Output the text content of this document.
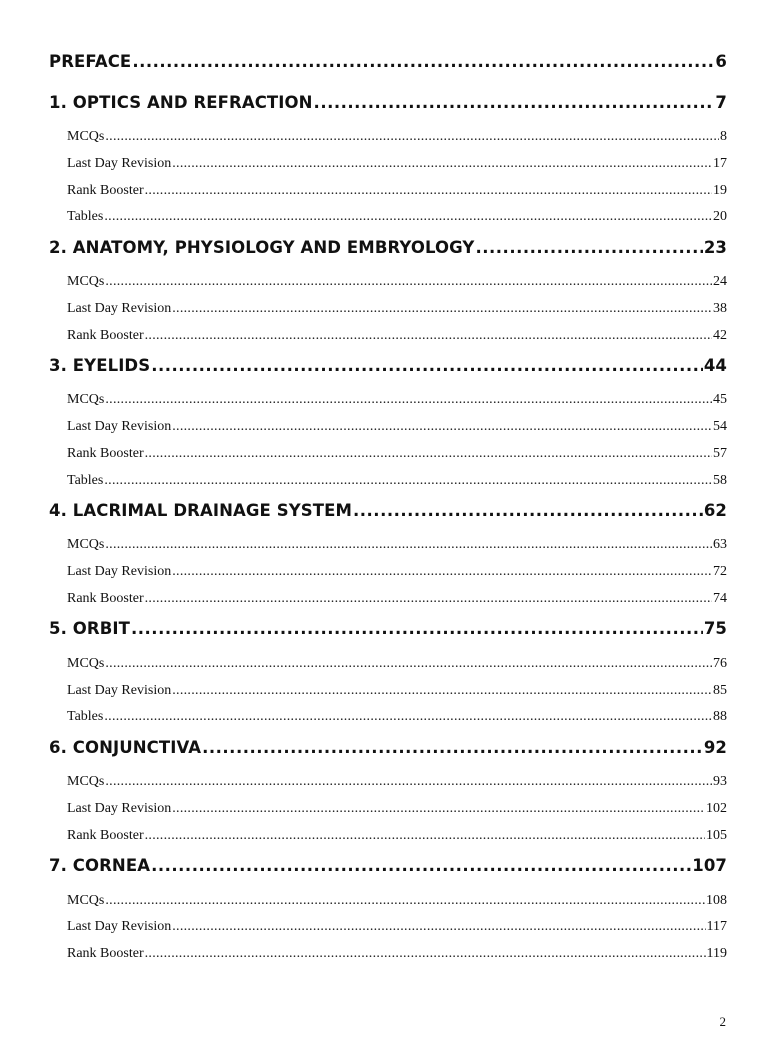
PREFACE .....	6
1. OPTICS AND REFRACTION .....	7
MCQs .....	8
Last Day Revision .....	17
Rank Booster .....	19
Tables .....	20
2. ANATOMY, PHYSIOLOGY AND EMBRYOLOGY .....	23
MCQs .....	24
Last Day Revision .....	38
Rank Booster .....	42
3. EYELIDS .....	44
MCQs .....	45
Last Day Revision .....	54
Rank Booster .....	57
Tables .....	58
4. LACRIMAL DRAINAGE SYSTEM .....	62
MCQs .....	63
Last Day Revision .....	72
Rank Booster .....	74
5. ORBIT .....	75
MCQs .....	76
Last Day Revision .....	85
Tables .....	88
6. CONJUNCTIVA .....	92
MCQs .....	93
Last Day Revision .....	102
Rank Booster .....	105
7. CORNEA .....	107
MCQs .....	108
Last Day Revision .....	117
Rank Booster .....	119
2
